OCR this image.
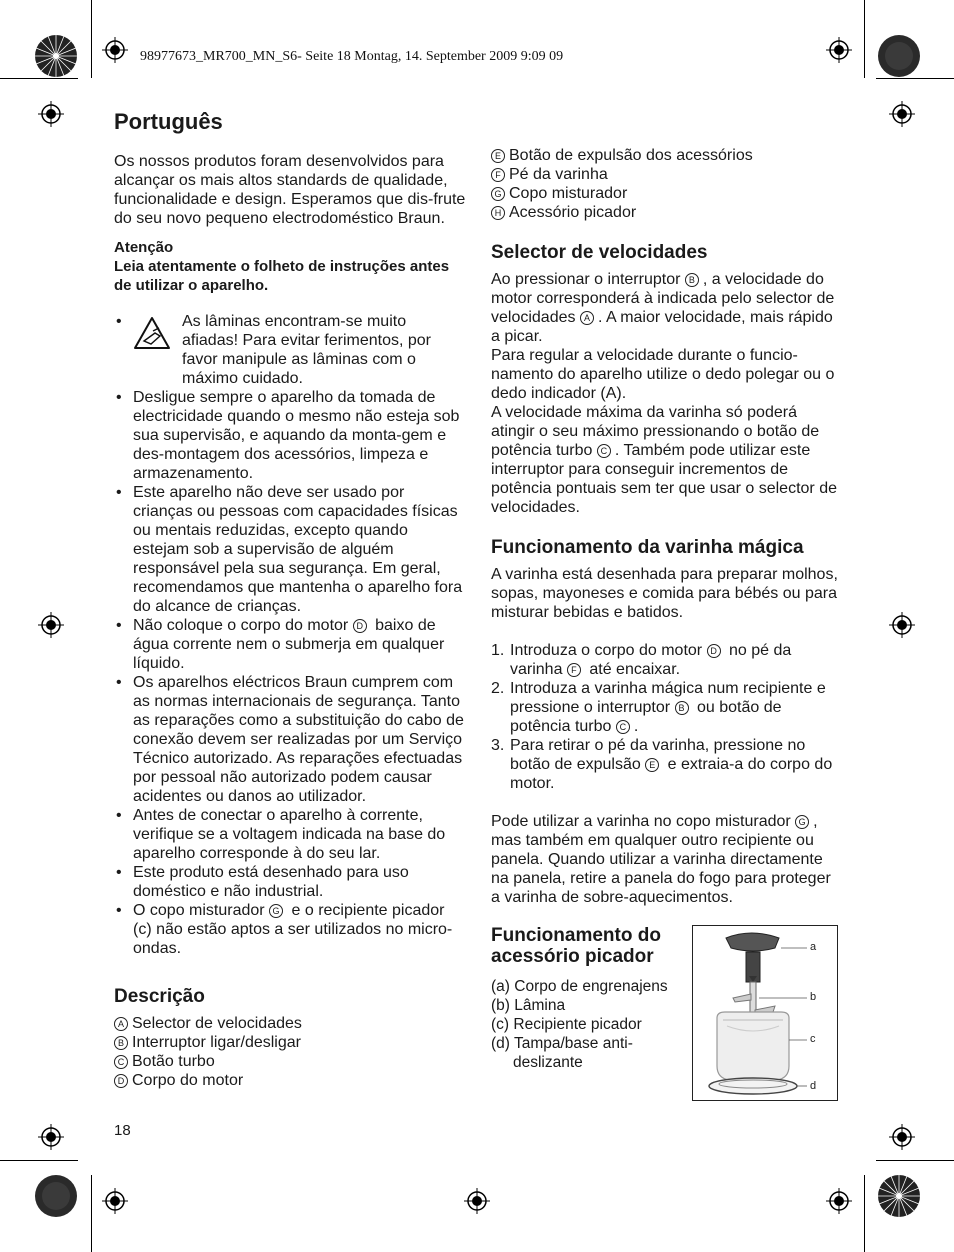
98977673_MR700_MN_S6- Seite 18 Montag, 14. September 2009 9:09 09
Português

Os nossos produtos foram desenvolvidos para alcançar os mais altos standards de qualidade, funcionalidade e design. Esperamos que dis-frute do seu novo pequeno electrodoméstico Braun.

Atenção
Leia atentamente o folheto de instruções antes de utilizar o aparelho.
• As lâminas encontram-se muito afiadas! Para evitar ferimentos, por favor manipule as lâminas com o máximo cuidado.
• Desligue sempre o aparelho da tomada de electricidade quando o mesmo não esteja sob sua supervisão, e aquando da monta-gem e des-montagem dos acessórios, limpeza e armazenamento.
• Este aparelho não deve ser usado por crianças ou pessoas com capacidades físicas ou mentais reduzidas, excepto quando estejam sob a supervisão de alguém responsável pela sua segurança. Em geral, recomendamos que mantenha o aparelho fora do alcance de crianças.
• Não coloque o corpo do motor D baixo de água corrente nem o submerja em qualquer líquido.
• Os aparelhos eléctricos Braun cumprem com as normas internacionais de segurança. Tanto as reparações como a substituição do cabo de conexão devem ser realizadas por um Serviço Técnico autorizado. As reparações efectuadas por pessoal não autorizado podem causar acidentes ou danos ao utilizador.
• Antes de conectar o aparelho à corrente, verifique se a voltagem indicada na base do aparelho corresponde à do seu lar.
• Este produto está desenhado para uso doméstico e não industrial.
• O copo misturador G e o recipiente picador (c) não estão aptos a ser utilizados no micro-ondas.
Descrição
A Selector de velocidades
B Interruptor ligar/desligar
C Botão turbo
D Corpo do motor
E Botão de expulsão dos acessórios
F Pé da varinha
G Copo misturador
H Acessório picador
Selector de velocidades

Ao pressionar o interruptor B , a velocidade do motor corresponderá à indicada pelo selector de velocidades A . A maior velocidade, mais rápido a picar.

Para regular a velocidade durante o funcio-namento do aparelho utilize o dedo polegar ou o dedo indicador (A).

A velocidade máxima da varinha só poderá atingir o seu máximo pressionando o botão de potência turbo C . Também pode utilizar este interruptor para conseguir incrementos de potência pontuais sem ter que usar o selector de velocidades.

Funcionamento da varinha mágica

A varinha está desenhada para preparar molhos, sopas, mayoneses e comida para bébés ou para misturar bebidas e batidos.

1. Introduza o corpo do motor D no pé da varinha F até encaixar.
2. Introduza a varinha mágica num recipiente e pressione o interruptor B ou botão de potência turbo C .
3. Para retirar o pé da varinha, pressione no botão de expulsão E e extraia-a do corpo do motor.

Pode utilizar a varinha no copo misturador G , mas também em qualquer outro recipiente ou panela. Quando utilizar a varinha directamente na panela, retire a panela do fogo para proteger a varinha de sobre-aquecimentos.

Funcionamento do acessório picador

(a) Corpo de engrenajens

(b) Lâmina

(c) Recipiente picador

(d) Tampa/base anti-deslizante

a
b
c
d
18
